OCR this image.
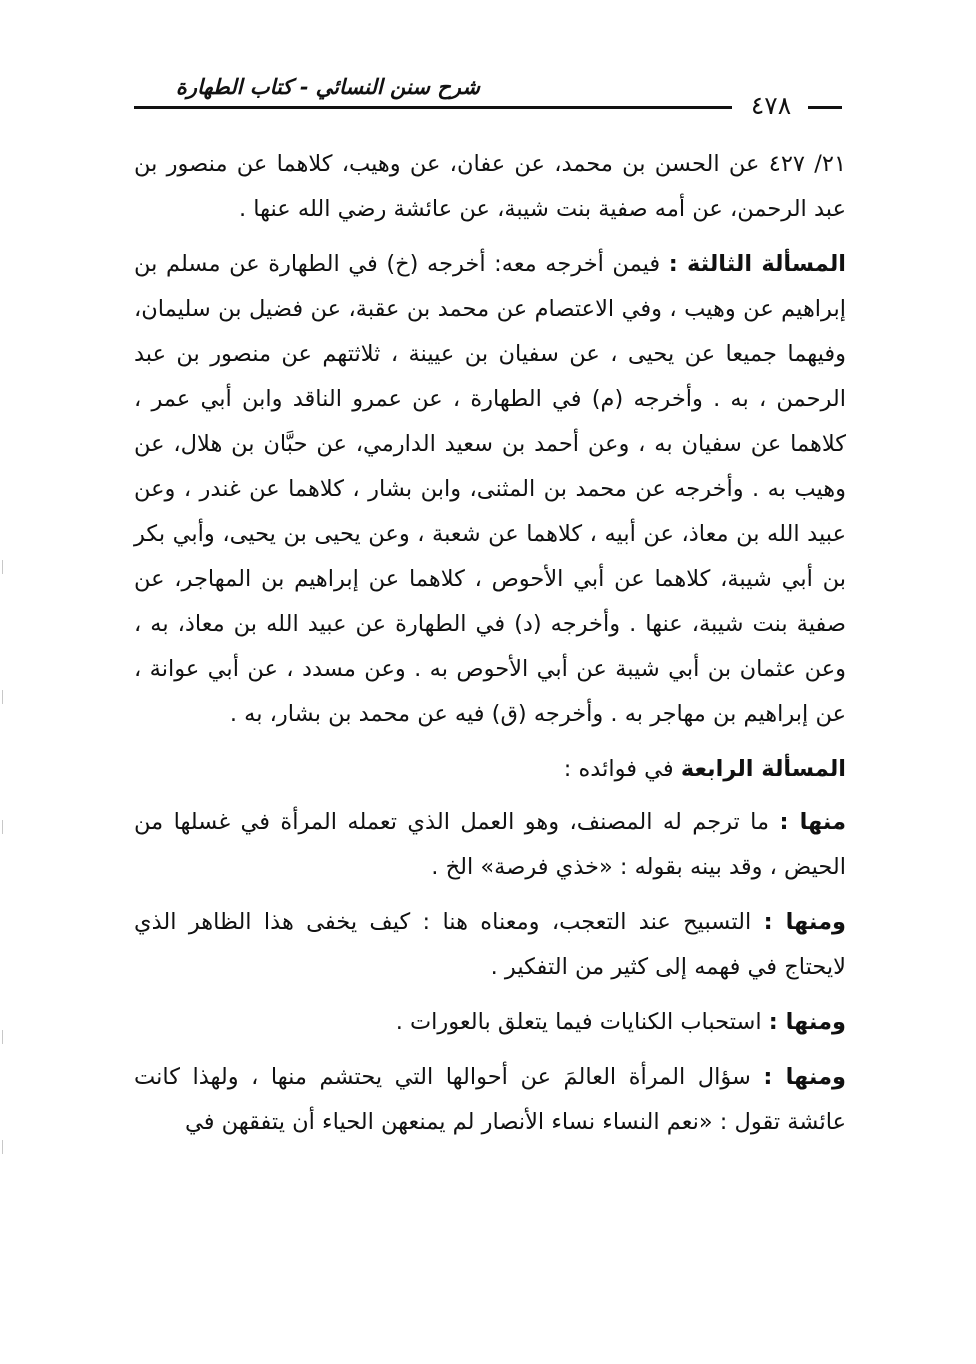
شرح سنن النسائي - كتاب الطهارة
٤٧٨

٢١/ ٤٢٧ عن الحسن بن محمد، عن عفان، عن وهيب، كلاهما عن منصور بن عبد الرحمن، عن أمه صفية بنت شيبة، عن عائشة رضي الله عنها .

المسألة الثالثة : فيمن أخرجه معه: أخرجه (خ) في الطهارة عن مسلم بن إبراهيم عن وهيب ، وفي الاعتصام عن محمد بن عقبة، عن فضيل بن سليمان، وفيهما جميعا عن يحيى ، عن سفيان بن عيينة ، ثلاثتهم عن منصور بن عبد الرحمن ، به . وأخرجه (م) في الطهارة ، عن عمرو الناقد وابن أبي عمر ، كلاهما عن سفيان به ، وعن أحمد بن سعيد الدارمي، عن حبَّان بن هلال، عن وهيب به . وأخرجه عن محمد بن المثنى، وابن بشار ، كلاهما عن غندر ، وعن عبيد الله بن معاذ، عن أبيه ، كلاهما عن شعبة ، وعن يحيى بن يحيى، وأبي بكر بن أبي شيبة، كلاهما عن أبي الأحوص ، كلاهما عن إبراهيم بن المهاجر، عن صفية بنت شيبة، عنها . وأخرجه (د) في الطهارة عن عبيد الله بن معاذ، به ، وعن عثمان بن أبي شيبة عن أبي الأحوص به . وعن مسدد ، عن أبي عوانة ، عن إبراهيم بن مهاجر به . وأخرجه (ق) فيه عن محمد بن بشار، به .

المسألة الرابعة في فوائده :

منها : ما ترجم له المصنف، وهو العمل الذي تعمله المرأة في غسلها من الحيض ، وقد بينه بقوله : «خذي فرصة» الخ .

ومنها : التسبيح عند التعجب، ومعناه هنا : كيف يخفى هذا الظاهر الذي لايحتاج في فهمه إلى كثير من التفكير .

ومنها : استحباب الكنايات فيما يتعلق بالعورات .

ومنها : سؤال المرأة العالمَ عن أحوالها التي يحتشم منها ، ولهذا كانت عائشة تقول : «نعم النساء نساء الأنصار لم يمنعهن الحياء أن يتفقهن في
